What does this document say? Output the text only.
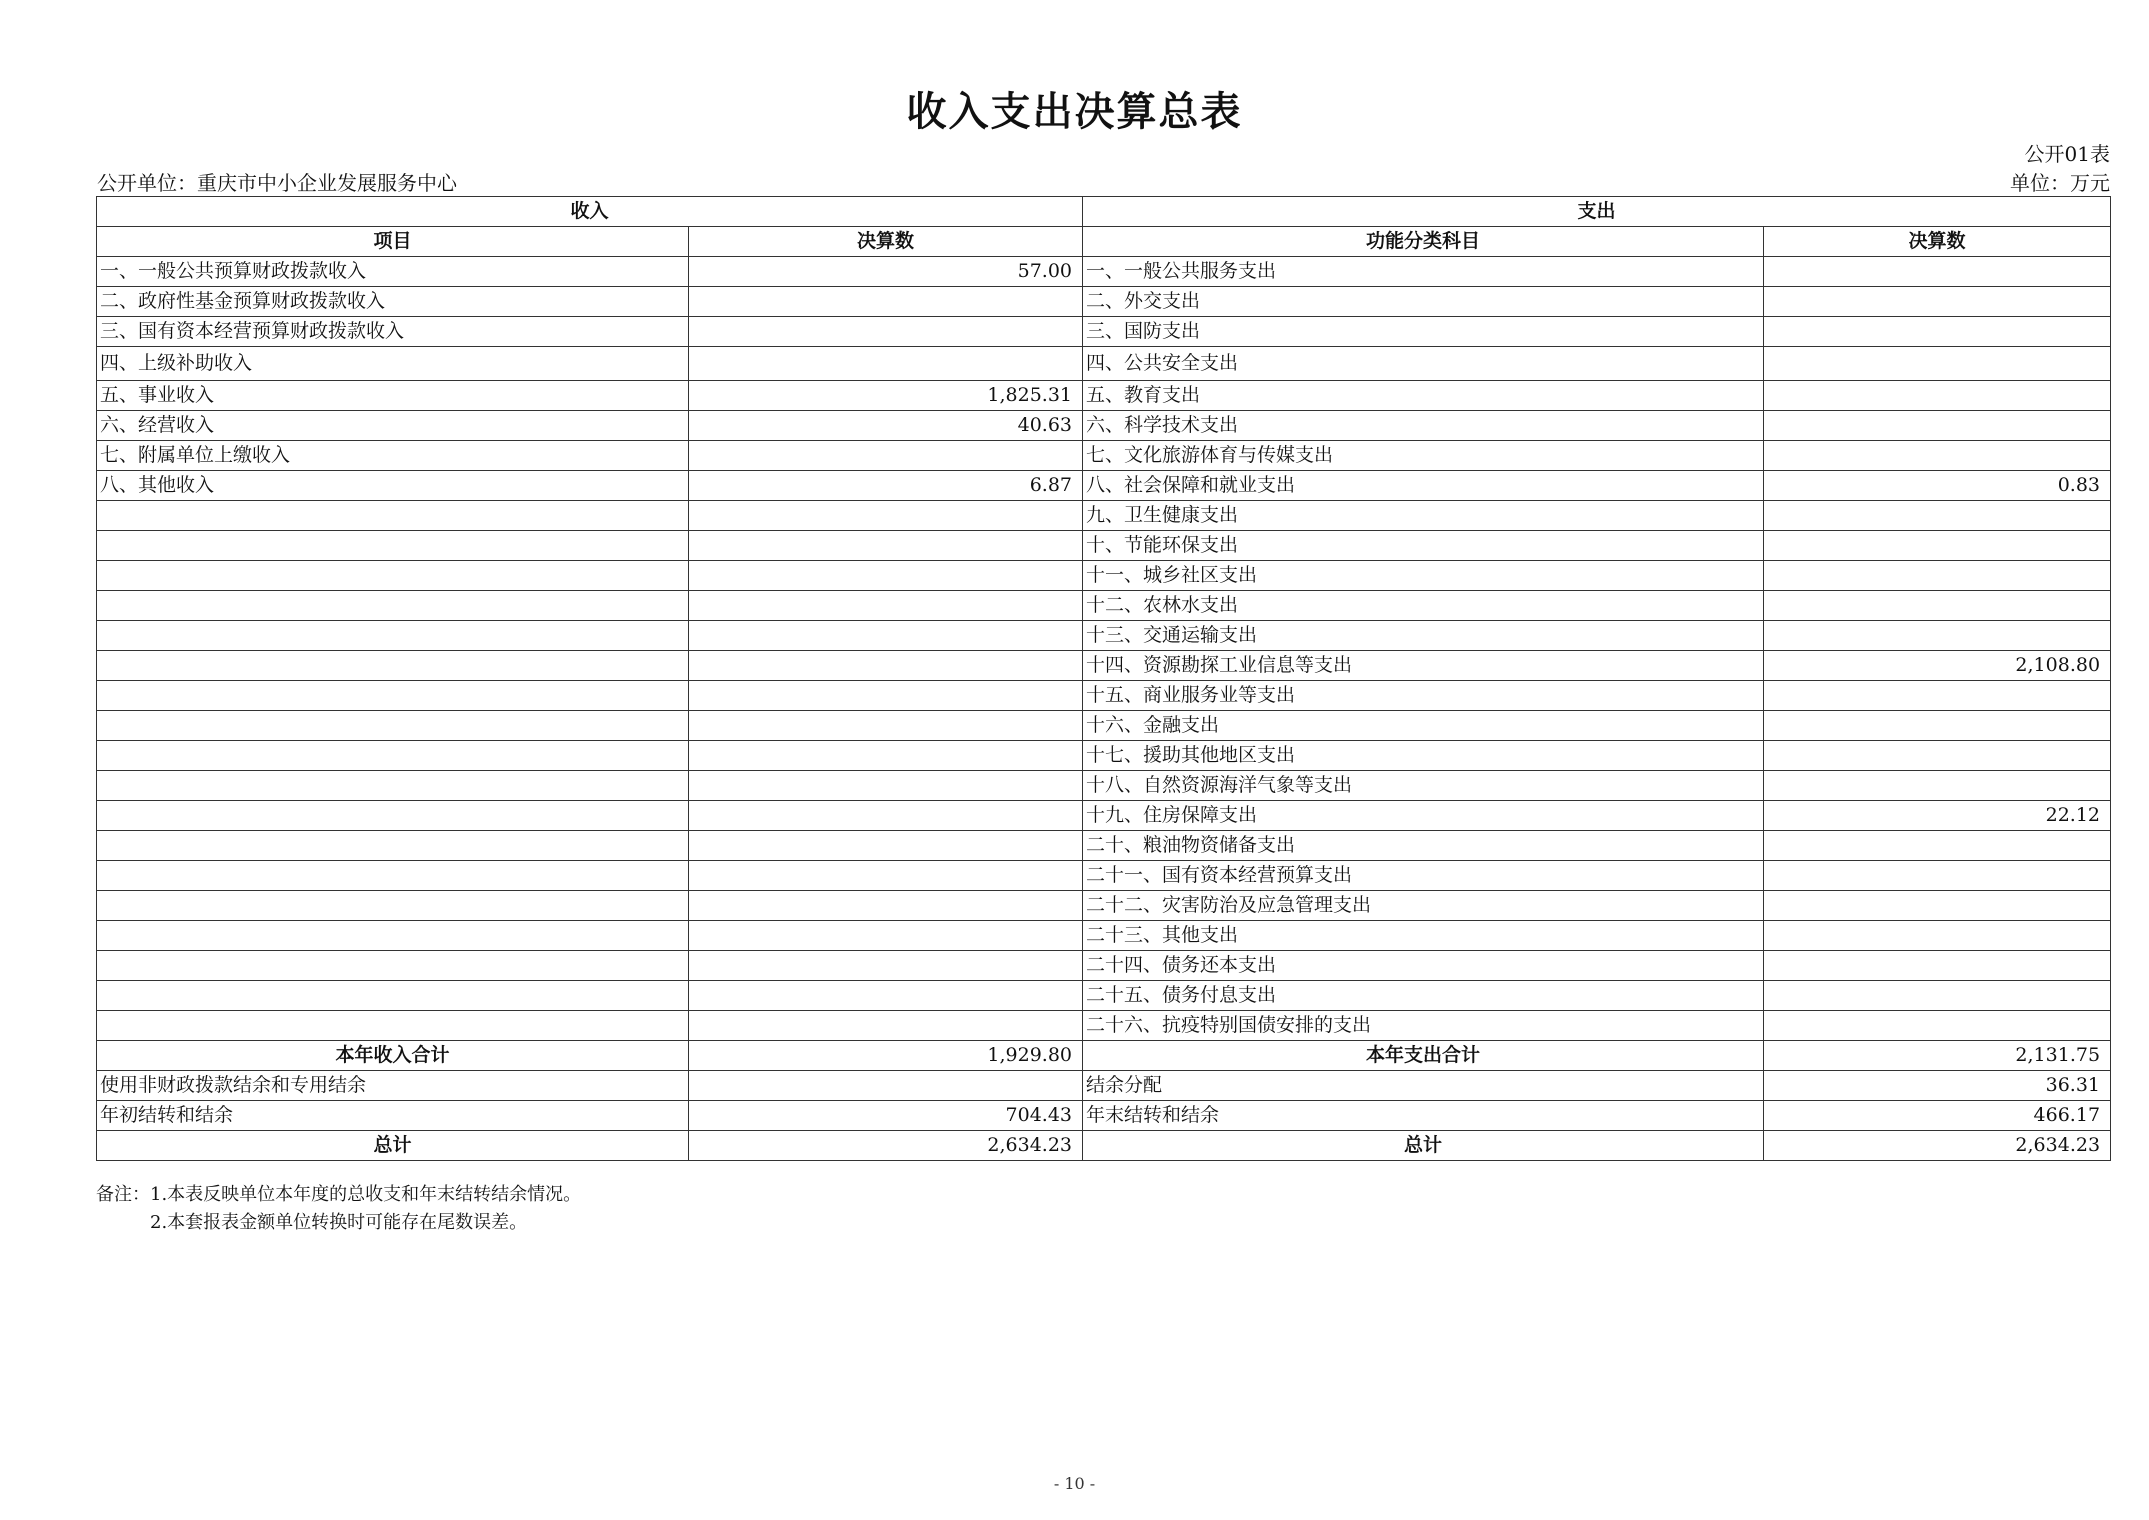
收入支出决算总表
公开01表
公开单位：重庆市中小企业发展服务中心	单位：万元
收入		支出	
项目	决算数	功能分类科目	决算数
一、一般公共预算财政拨款收入	57.00	一、一般公共服务支出	
二、政府性基金预算财政拨款收入		二、外交支出	
三、国有资本经营预算财政拨款收入		三、国防支出	
四、上级补助收入		四、公共安全支出	
五、事业收入	1,825.31	五、教育支出	
六、经营收入	40.63	六、科学技术支出	
七、附属单位上缴收入		七、文化旅游体育与传媒支出	
八、其他收入	6.87	八、社会保障和就业支出	0.83
		九、卫生健康支出	
		十、节能环保支出	
		十一、城乡社区支出	
		十二、农林水支出	
		十三、交通运输支出	
		十四、资源勘探工业信息等支出	2,108.80
		十五、商业服务业等支出	
		十六、金融支出	
		十七、援助其他地区支出	
		十八、自然资源海洋气象等支出	
		十九、住房保障支出	22.12
		二十、粮油物资储备支出	
		二十一、国有资本经营预算支出	
		二十二、灾害防治及应急管理支出	
		二十三、其他支出	
		二十四、债务还本支出	
		二十五、债务付息支出	
		二十六、抗疫特别国债安排的支出	
本年收入合计	1,929.80	本年支出合计	2,131.75
使用非财政拨款结余和专用结余		结余分配	36.31
年初结转和结余	704.43	年末结转和结余	466.17
总计	2,634.23	总计	2,634.23
备注：1.本表反映单位本年度的总收支和年末结转结余情况。
2.本套报表金额单位转换时可能存在尾数误差。
- 10 -
